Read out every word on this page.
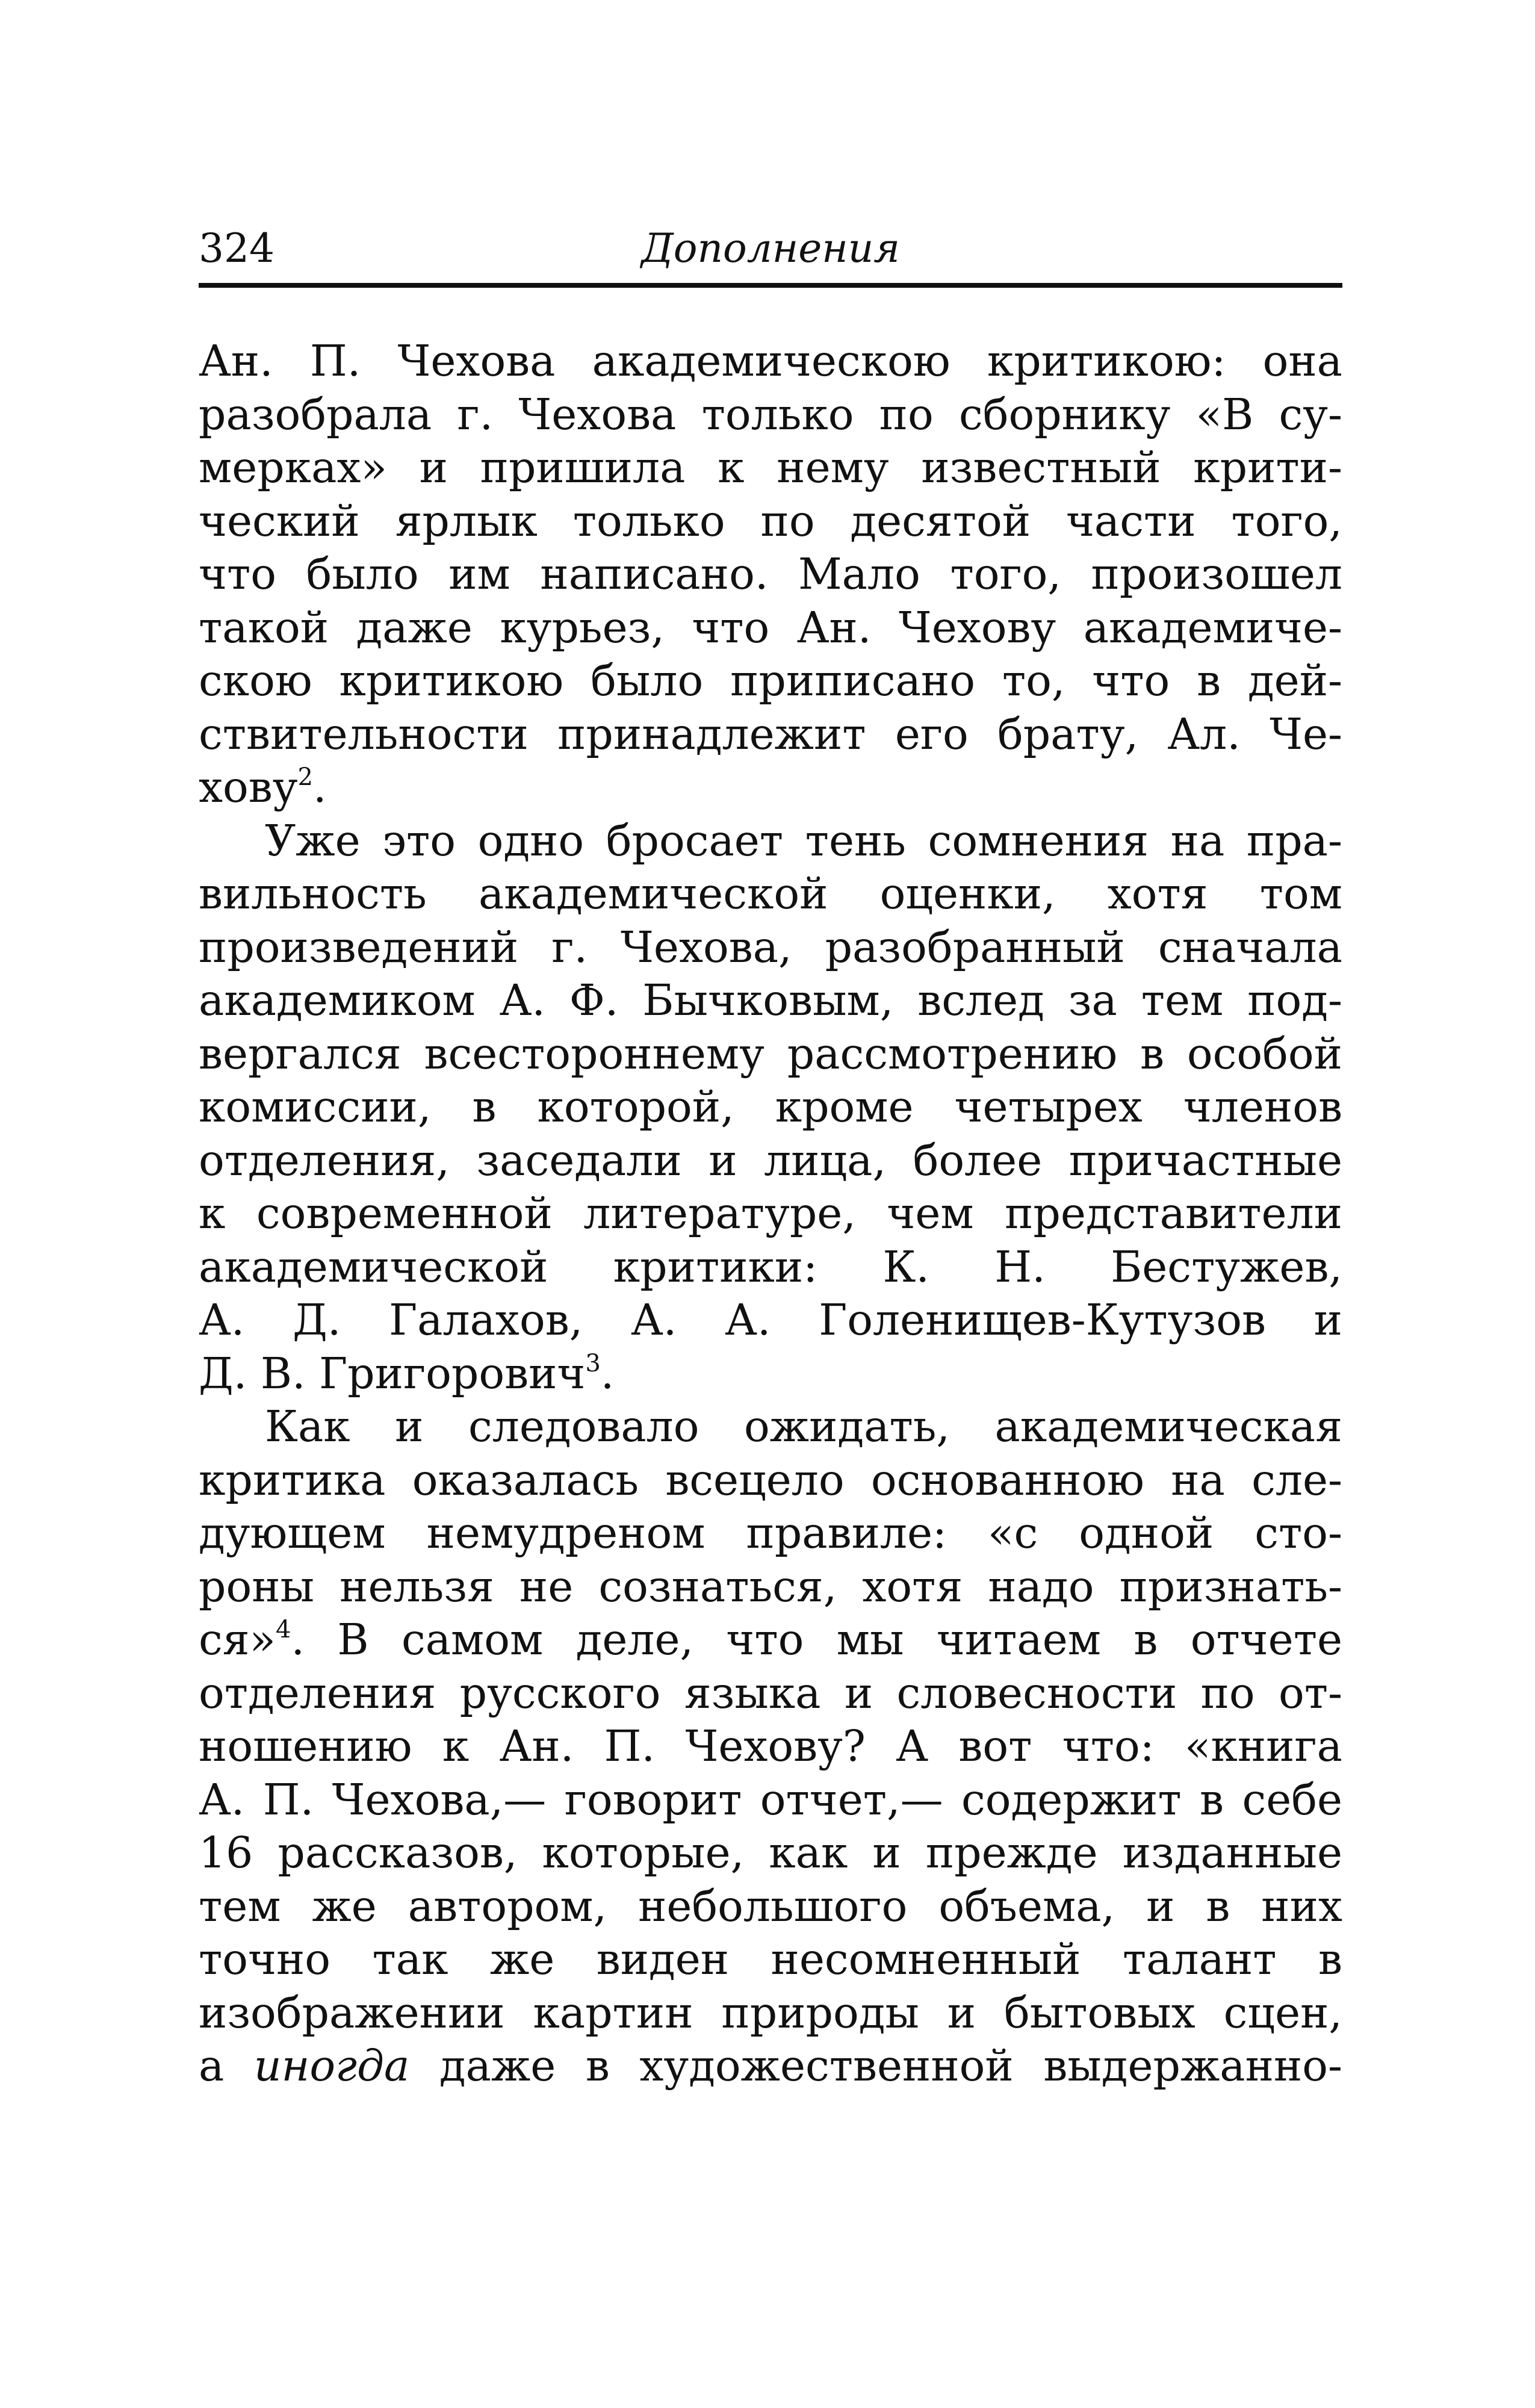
324	Дополнения
Ан. П. Чехова академическою критикою: она
разобрала г. Чехова только по сборнику «В су-
мерках» и пришила к нему известный крити-
ческий ярлык только по десятой части того,
что было им написано. Мало того, произошел
такой даже курьез, что Ан. Чехову академиче-
скою критикою было приписано то, что в дей-
ствительности принадлежит его брату, Ал. Че-
хову$^2$.
Уже это одно бросает тень сомнения на пра-
вильность академической оценки, хотя том
произведений г. Чехова, разобранный сначала
академиком А. Ф. Бычковым, вслед за тем под-
вергался всестороннему рассмотрению в особой
комиссии, в которой, кроме четырех членов
отделения, заседали и лица, более причастные
к современной литературе, чем представители
академической критики: К. Н. Бестужев,
А. Д. Галахов, А. А. Голенищев-Кутузов и
Д. В. Григорович$^3$.
Как и следовало ожидать, академическая
критика оказалась всецело основанною на сле-
дующем немудреном правиле: «с одной сто-
роны нельзя не сознаться, хотя надо признать-
ся»$^4$. В самом деле, что мы читаем в отчете
отделения русского языка и словесности по от-
ношению к Ан. П. Чехову? А вот что: «книга
А. П. Чехова,— говорит отчет,— содержит в себе
16 рассказов, которые, как и прежде изданные
тем же автором, небольшого объема, и в них
точно так же виден несомненный талант в
изображении картин природы и бытовых сцен,
а иногда даже в художественной выдержанно-
